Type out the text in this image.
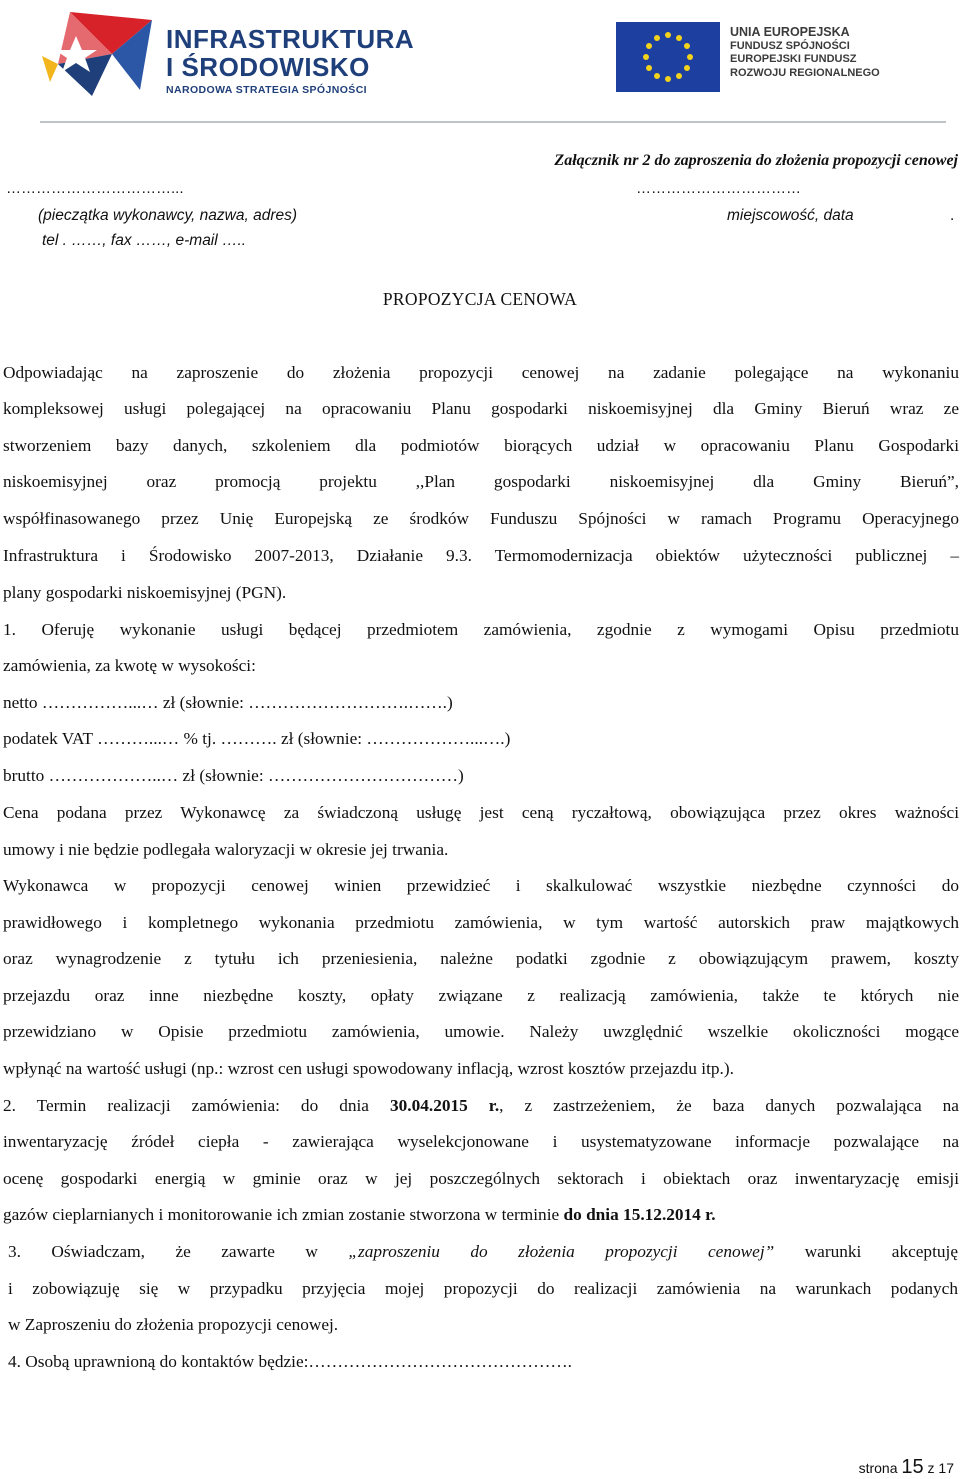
INFRASTRUKTURA
I ŚRODOWISKO
NARODOWA STRATEGIA SPÓJNOŚCI
UNIA EUROPEJSKA
FUNDUSZ SPÓJNOŚCI
EUROPEJSKI FUNDUSZ
ROZWOJU REGIONALNEGO
Załącznik nr 2 do zaproszenia do złożenia propozycji cenowej
……………………………...	……………………………
(pieczątka wykonawcy, nazwa, adres)	miejscowość, data	.
tel . ……, fax ……, e-mail …..
PROPOZYCJA CENOWA
Odpowiadając na zaproszenie do złożenia propozycji cenowej na zadanie polegające na wykonaniu
kompleksowej usługi polegającej na opracowaniu Planu gospodarki niskoemisyjnej dla Gminy Bieruń wraz ze
stworzeniem bazy danych, szkoleniem dla podmiotów biorących udział w opracowaniu Planu Gospodarki
niskoemisyjnej oraz promocją projektu ,,Plan gospodarki niskoemisyjnej dla Gminy Bieruń”,
współfinasowanego przez Unię Europejską ze środków Funduszu Spójności w ramach Programu Operacyjnego
Infrastruktura i Środowisko 2007-2013, Działanie 9.3. Termomodernizacja obiektów użyteczności publicznej –
plany gospodarki niskoemisyjnej (PGN).
1. Oferuję wykonanie usługi będącej przedmiotem zamówienia, zgodnie z wymogami Opisu przedmiotu
zamówienia, za kwotę w wysokości:
netto ……………...… zł (słownie: ……………………….…….)
podatek VAT ………...… % tj. ………. zł (słownie: ………………...….)
brutto ………………..… zł (słownie: ……………………………)
Cena podana przez Wykonawcę za świadczoną usługę jest ceną ryczałtową, obowiązująca przez okres ważności
umowy i nie będzie podlegała waloryzacji w okresie jej trwania.
Wykonawca w propozycji cenowej winien przewidzieć i skalkulować wszystkie niezbędne czynności do
prawidłowego i kompletnego wykonania przedmiotu zamówienia, w tym wartość autorskich praw majątkowych
oraz wynagrodzenie z tytułu ich przeniesienia, należne podatki zgodnie z obowiązującym prawem, koszty
przejazdu oraz inne niezbędne koszty, opłaty związane z realizacją zamówienia, także te których nie
przewidziano w Opisie przedmiotu zamówienia, umowie. Należy uwzględnić wszelkie okoliczności mogące
wpłynąć na wartość usługi (np.: wzrost cen usługi spowodowany inflacją, wzrost kosztów przejazdu itp.).
2. Termin realizacji zamówienia: do dnia 30.04.2015 r., z zastrzeżeniem, że baza danych pozwalająca na
inwentaryzację źródeł ciepła - zawierająca wyselekcjonowane i usystematyzowane informacje pozwalające na
ocenę gospodarki energią w gminie oraz w jej poszczególnych sektorach i obiektach oraz inwentaryzację emisji
gazów cieplarnianych i monitorowanie ich zmian zostanie stworzona w terminie do dnia 15.12.2014 r.
3. Oświadczam, że zawarte w „zaproszeniu do złożenia propozycji cenowej” warunki akceptuję
i zobowiązuję się w przypadku przyjęcia mojej propozycji do realizacji zamówienia na warunkach podanych
w Zaproszeniu do złożenia propozycji cenowej.
4. Osobą uprawnioną do kontaktów będzie:……………………………………….
strona 15 z 17
